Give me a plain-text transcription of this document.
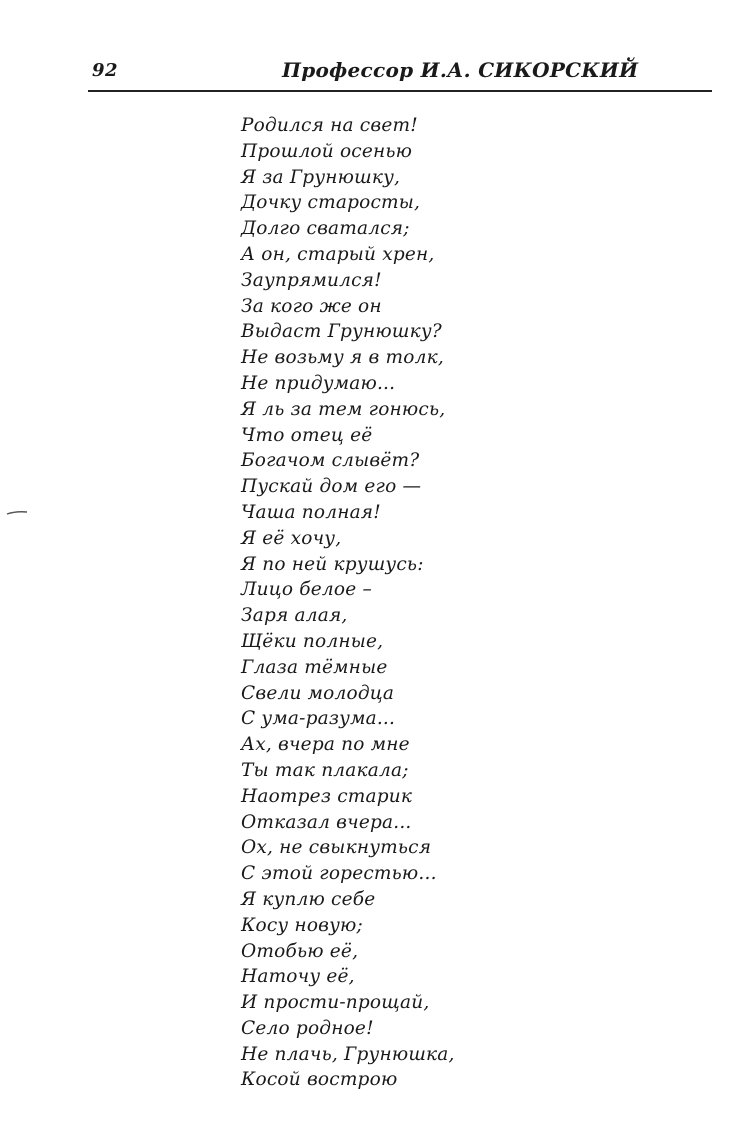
92	Профессор И.А. СИКОРСКИЙ
Родился на свет!
Прошлой осенью
Я за Грунюшку,
Дочку старосты,
Долго сватался;
А он, старый хрен,
Заупрямился!
За кого же он
Выдаст Грунюшку?
Не возьму я в толк,
Не придумаю...
Я ль за тем гонюсь,
Что отец её
Богачом слывёт?
Пускай дом его —
Чаша полная!
Я её хочу,
Я по ней крушусь:
Лицо белое –
Заря алая,
Щёки полные,
Глаза тёмные
Свели молодца
С ума-разума...
Ах, вчера по мне
Ты так плакала;
Наотрез старик
Отказал вчера...
Ох, не свыкнуться
С этой горестью...
Я куплю себе
Косу новую;
Отобью её,
Наточу её,
И прости-прощай,
Село родное!
Не плачь, Грунюшка,
Косой вострою
